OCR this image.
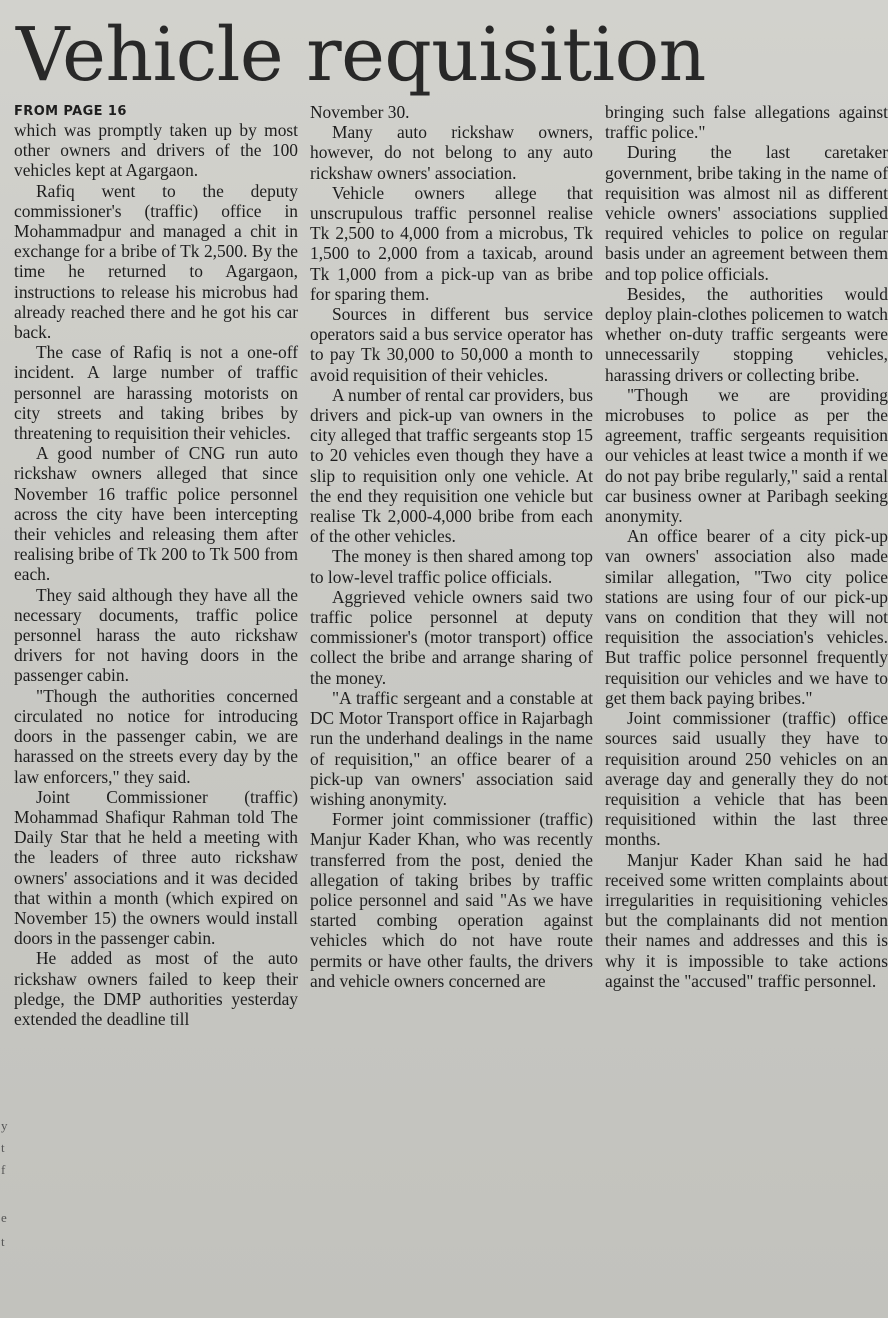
y
t
f
e
t
Vehicle requisition
FROM PAGE 16

which was promptly taken up by most other owners and drivers of the 100 vehicles kept at Agargaon.

Rafiq went to the deputy commissioner's (traffic) office in Mohammadpur and managed a chit in exchange for a bribe of Tk 2,500. By the time he returned to Agargaon, instructions to release his microbus had already reached there and he got his car back.

The case of Rafiq is not a one-off incident. A large number of traffic personnel are harassing motorists on city streets and taking bribes by threatening to requisition their vehicles.

A good number of CNG run auto rickshaw owners alleged that since November 16 traffic police personnel across the city have been intercepting their vehicles and releasing them after realising bribe of Tk 200 to Tk 500 from each.

They said although they have all the necessary documents, traffic police personnel harass the auto rickshaw drivers for not having doors in the passenger cabin.

"Though the authorities concerned circulated no notice for introducing doors in the passenger cabin, we are harassed on the streets every day by the law enforcers," they said.

Joint Commissioner (traffic) Mohammad Shafiqur Rahman told The Daily Star that he held a meeting with the leaders of three auto rickshaw owners' associations and it was decided that within a month (which expired on November 15) the owners would install doors in the passenger cabin.

He added as most of the auto rickshaw owners failed to keep their pledge, the DMP authorities yesterday extended the deadline till

November 30.

Many auto rickshaw owners, however, do not belong to any auto rickshaw owners' association.

Vehicle owners allege that unscrupulous traffic personnel realise Tk 2,500 to 4,000 from a microbus, Tk 1,500 to 2,000 from a taxicab, around Tk 1,000 from a pick-up van as bribe for sparing them.

Sources in different bus service operators said a bus service operator has to pay Tk 30,000 to 50,000 a month to avoid requisition of their vehicles.

A number of rental car providers, bus drivers and pick-up van owners in the city alleged that traffic sergeants stop 15 to 20 vehicles even though they have a slip to requisition only one vehicle. At the end they requisition one vehicle but realise Tk 2,000-4,000 bribe from each of the other vehicles.

The money is then shared among top to low-level traffic police officials.

Aggrieved vehicle owners said two traffic police personnel at deputy commissioner's (motor transport) office collect the bribe and arrange sharing of the money.

"A traffic sergeant and a constable at DC Motor Transport office in Rajarbagh run the underhand dealings in the name of requisition," an office bearer of a pick-up van owners' association said wishing anonymity.

Former joint commissioner (traffic) Manjur Kader Khan, who was recently transferred from the post, denied the allegation of taking bribes by traffic police personnel and said "As we have started combing operation against vehicles which do not have route permits or have other faults, the drivers and vehicle owners concerned are

bringing such false allegations against traffic police."

During the last caretaker government, bribe taking in the name of requisition was almost nil as different vehicle owners' associations supplied required vehicles to police on regular basis under an agreement between them and top police officials.

Besides, the authorities would deploy plain-clothes policemen to watch whether on-duty traffic sergeants were unnecessarily stopping vehicles, harassing drivers or collecting bribe.

"Though we are providing microbuses to police as per the agreement, traffic sergeants requisition our vehicles at least twice a month if we do not pay bribe regularly," said a rental car business owner at Paribagh seeking anonymity.

An office bearer of a city pick-up van owners' association also made similar allegation, "Two city police stations are using four of our pick-up vans on condition that they will not requisition the association's vehicles. But traffic police personnel frequently requisition our vehicles and we have to get them back paying bribes."

Joint commissioner (traffic) office sources said usually they have to requisition around 250 vehicles on an average day and generally they do not requisition a vehicle that has been requisitioned within the last three months.

Manjur Kader Khan said he had received some written complaints about irregularities in requisitioning vehicles but the complainants did not mention their names and addresses and this is why it is impossible to take actions against the "accused" traffic personnel.
